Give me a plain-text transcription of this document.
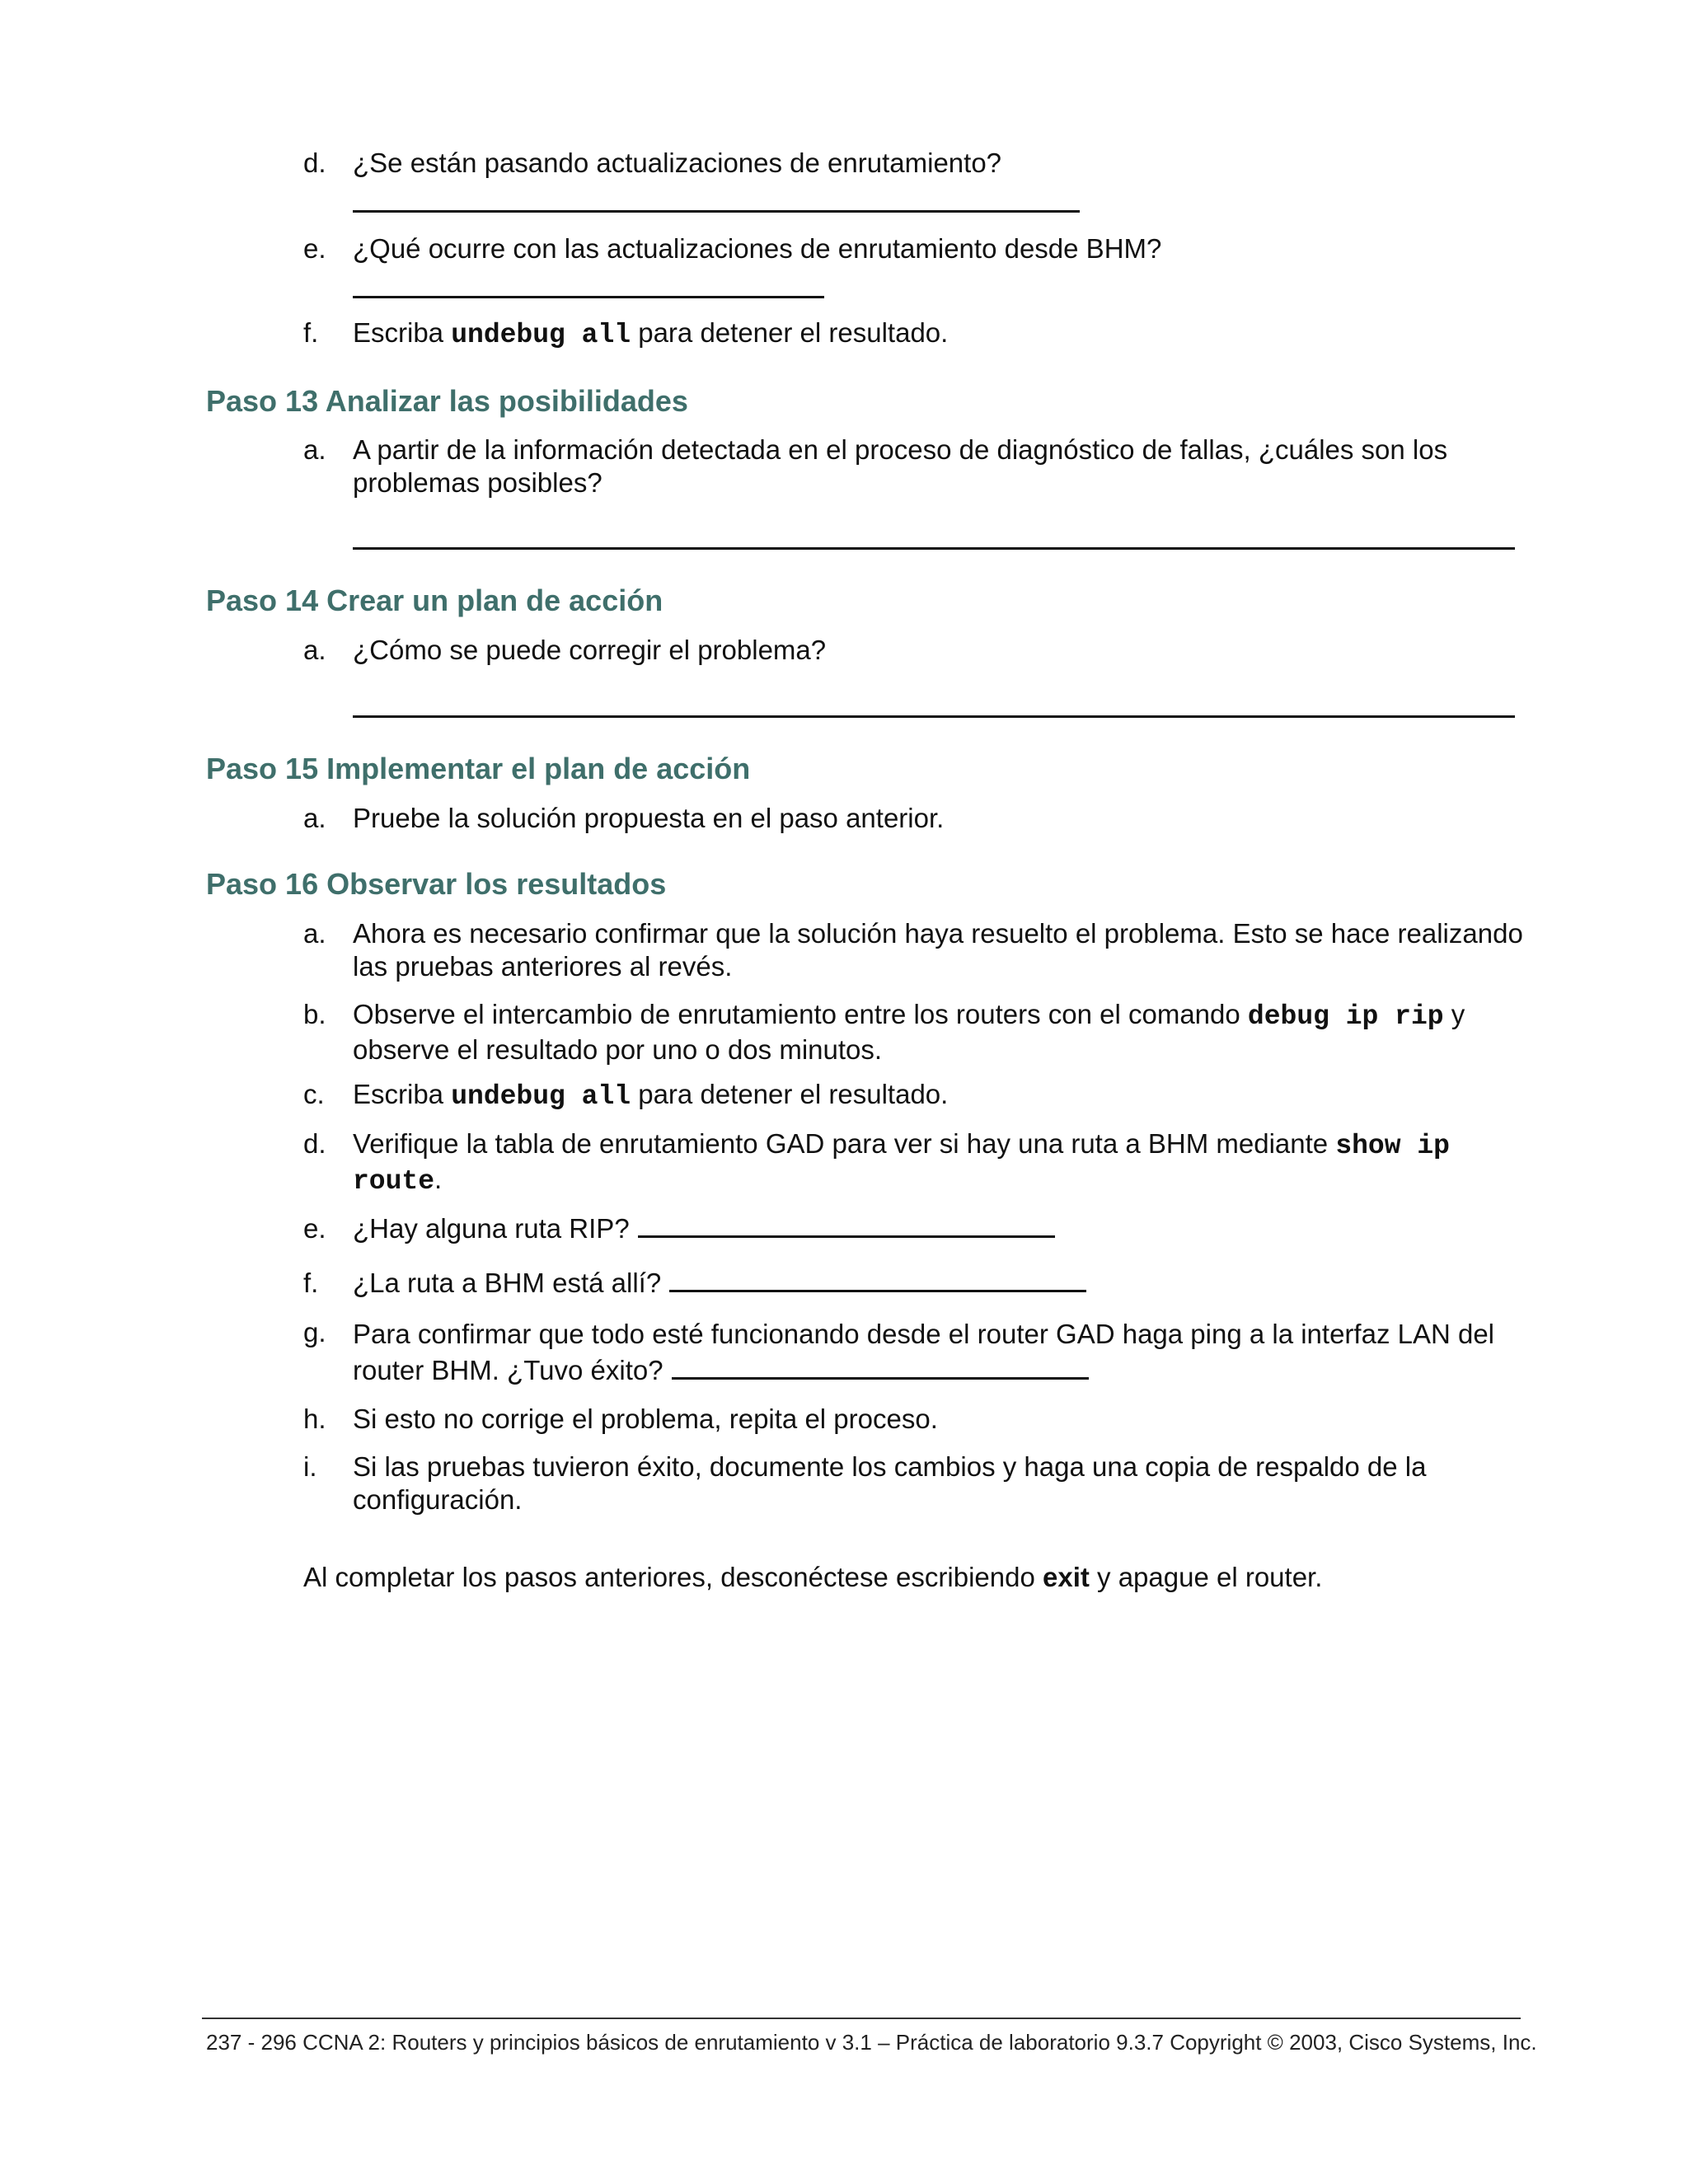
d. ¿Se están pasando actualizaciones de enrutamiento?
e. ¿Qué ocurre con las actualizaciones de enrutamiento desde BHM?
f. Escriba undebug all para detener el resultado.
Paso 13 Analizar las posibilidades
a. A partir de la información detectada en el proceso de diagnóstico de fallas, ¿cuáles son los problemas posibles?
Paso 14 Crear un plan de acción
a. ¿Cómo se puede corregir el problema?
Paso 15 Implementar el plan de acción
a. Pruebe la solución propuesta en el paso anterior.
Paso 16 Observar los resultados
a. Ahora es necesario confirmar que la solución haya resuelto el problema. Esto se hace realizando las pruebas anteriores al revés.
b. Observe el intercambio de enrutamiento entre los routers con el comando debug ip rip y observe el resultado por uno o dos minutos.
c. Escriba undebug all para detener el resultado.
d. Verifique la tabla de enrutamiento GAD para ver si hay una ruta a BHM mediante show ip route.
e. ¿Hay alguna ruta RIP?
f. ¿La ruta a BHM está allí?
g. Para confirmar que todo esté funcionando desde el router GAD haga ping a la interfaz LAN del router BHM. ¿Tuvo éxito?
h. Si esto no corrige el problema, repita el proceso.
i. Si las pruebas tuvieron éxito, documente los cambios y haga una copia de respaldo de la configuración.
Al completar los pasos anteriores, desconéctese escribiendo exit y apague el router.
237 - 296 CCNA 2: Routers y principios básicos de enrutamiento v 3.1 – Práctica de laboratorio 9.3.7 Copyright © 2003, Cisco Systems, Inc.
